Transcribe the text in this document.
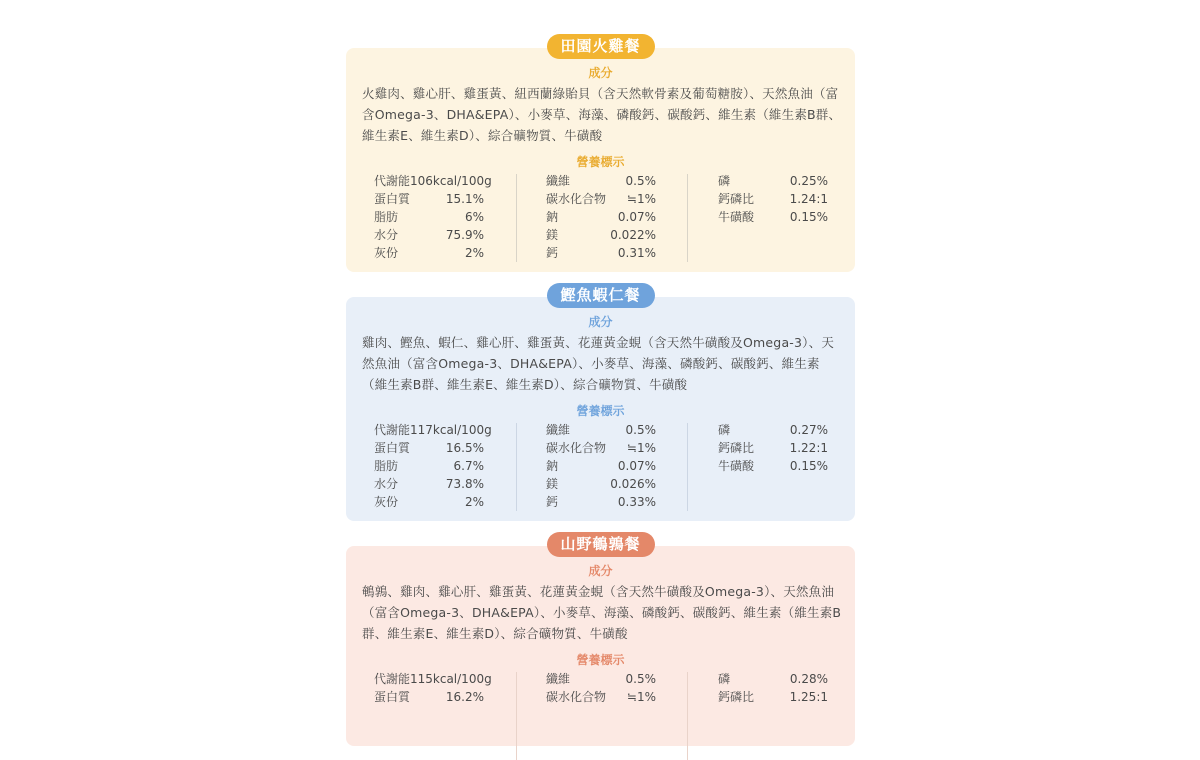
田園火雞餐
成分
火雞肉、雞心肝、雞蛋黃、紐西蘭綠貽貝（含天然軟骨素及葡萄糖胺）、天然魚油（富含Omega-3、DHA&EPA）、小麥草、海藻、磷酸鈣、碳酸鈣、維生素（維生素B群、維生素E、維生素D）、綜合礦物質、牛磺酸
營養標示
代謝能106kcal/100g
蛋白質	15.1%
脂肪	6%
水分	75.9%
灰份	2%
纖維	0.5%
碳水化合物 ≒1%
鈉	0.07%
鎂	0.022%
鈣	0.31%
磷	0.25%
鈣磷比	1.24:1
牛磺酸	0.15%
鰹魚蝦仁餐
成分
雞肉、鰹魚、蝦仁、雞心肝、雞蛋黃、花蓮黃金蜆（含天然牛磺酸及Omega-3）、天然魚油（富含Omega-3、DHA&EPA）、小麥草、海藻、磷酸鈣、碳酸鈣、維生素（維生素B群、維生素E、維生素D）、綜合礦物質、牛磺酸
營養標示
代謝能117kcal/100g
蛋白質	16.5%
脂肪	6.7%
水分	73.8%
灰份	2%
纖維	0.5%
碳水化合物 ≒1%
鈉	0.07%
鎂	0.026%
鈣	0.33%
磷	0.27%
鈣磷比	1.22:1
牛磺酸	0.15%
山野鵪鶉餐
成分
鵪鶉、雞肉、雞心肝、雞蛋黃、花蓮黃金蜆（含天然牛磺酸及Omega-3）、天然魚油（富含Omega-3、DHA&EPA）、小麥草、海藻、磷酸鈣、碳酸鈣、維生素（維生素B群、維生素E、維生素D）、綜合礦物質、牛磺酸
營養標示
代謝能115kcal/100g
蛋白質	16.2%
纖維	0.5%
碳水化合物 ≒1%
磷	0.28%
鈣磷比	1.25:1
